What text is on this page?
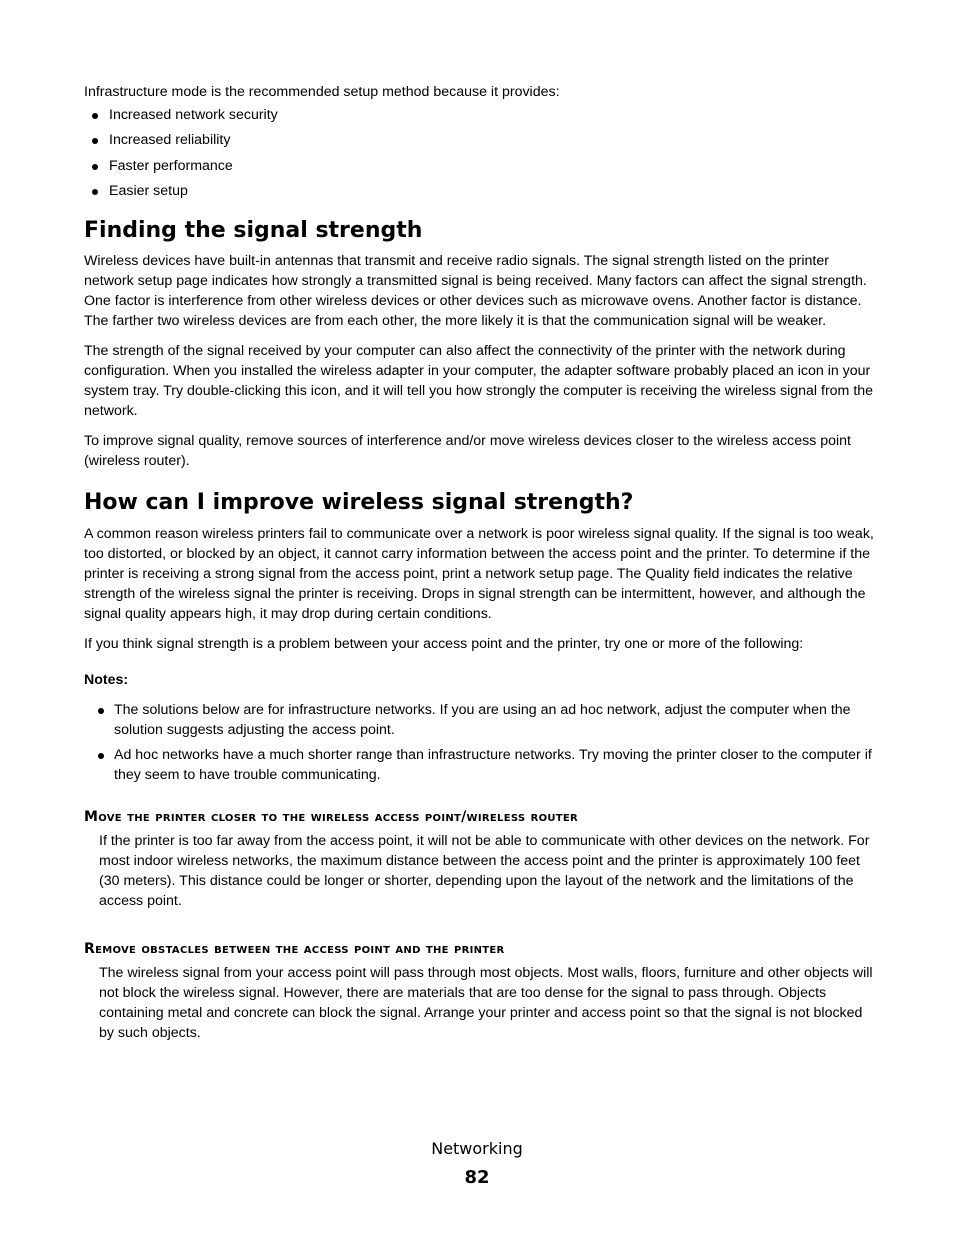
Infrastructure mode is the recommended setup method because it provides:

Increased network security
Increased reliability
Faster performance
Easier setup
Finding the signal strength

Wireless devices have built-in antennas that transmit and receive radio signals. The signal strength listed on the printer network setup page indicates how strongly a transmitted signal is being received. Many factors can affect the signal strength. One factor is interference from other wireless devices or other devices such as microwave ovens. Another factor is distance. The farther two wireless devices are from each other, the more likely it is that the communication signal will be weaker.

The strength of the signal received by your computer can also affect the connectivity of the printer with the network during configuration. When you installed the wireless adapter in your computer, the adapter software probably placed an icon in your system tray. Try double-clicking this icon, and it will tell you how strongly the computer is receiving the wireless signal from the network.

To improve signal quality, remove sources of interference and/or move wireless devices closer to the wireless access point (wireless router).

How can I improve wireless signal strength?

A common reason wireless printers fail to communicate over a network is poor wireless signal quality. If the signal is too weak, too distorted, or blocked by an object, it cannot carry information between the access point and the printer. To determine if the printer is receiving a strong signal from the access point, print a network setup page. The Quality field indicates the relative strength of the wireless signal the printer is receiving. Drops in signal strength can be intermittent, however, and although the signal quality appears high, it may drop during certain conditions.

If you think signal strength is a problem between your access point and the printer, try one or more of the following:

Notes:
The solutions below are for infrastructure networks. If you are using an ad hoc network, adjust the computer when the solution suggests adjusting the access point.
Ad hoc networks have a much shorter range than infrastructure networks. Try moving the printer closer to the computer if they seem to have trouble communicating.
Move the printer closer to the wireless access point/wireless router

If the printer is too far away from the access point, it will not be able to communicate with other devices on the network. For most indoor wireless networks, the maximum distance between the access point and the printer is approximately 100 feet (30 meters). This distance could be longer or shorter, depending upon the layout of the network and the limitations of the access point.

Remove obstacles between the access point and the printer

The wireless signal from your access point will pass through most objects. Most walls, floors, furniture and other objects will not block the wireless signal. However, there are materials that are too dense for the signal to pass through. Objects containing metal and concrete can block the signal. Arrange your printer and access point so that the signal is not blocked by such objects.

Networking
82
